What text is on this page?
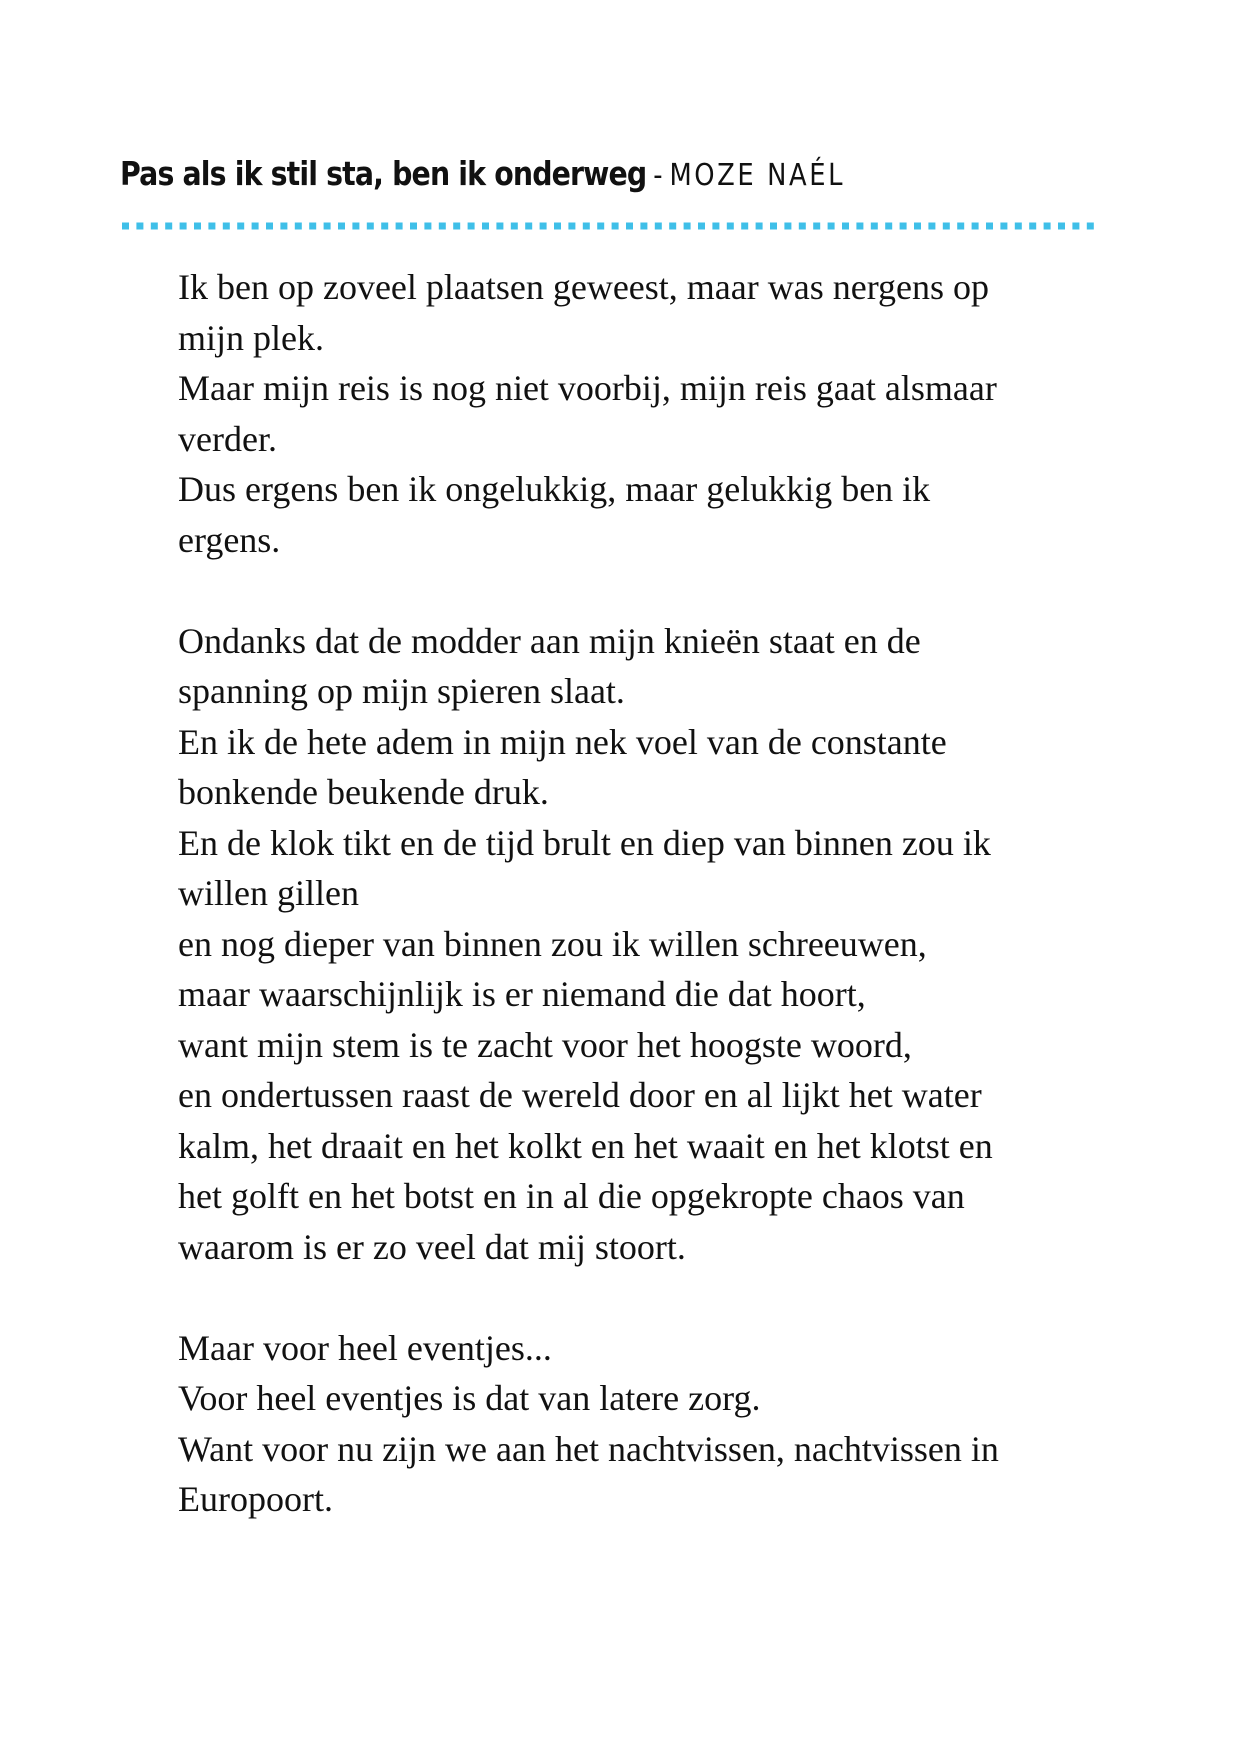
Pas als ik stil sta, ben ik onderweg - MOZE NAÉL
Ik ben op zoveel plaatsen geweest, maar was nergens op
mijn plek.
Maar mijn reis is nog niet voorbij, mijn reis gaat alsmaar
verder.
Dus ergens ben ik ongelukkig, maar gelukkig ben ik
ergens.
Ondanks dat de modder aan mijn knieën staat en de
spanning op mijn spieren slaat.
En ik de hete adem in mijn nek voel van de constante
bonkende beukende druk.
En de klok tikt en de tijd brult en diep van binnen zou ik
willen gillen
en nog dieper van binnen zou ik willen schreeuwen,
maar waarschijnlijk is er niemand die dat hoort,
want mijn stem is te zacht voor het hoogste woord,
en ondertussen raast de wereld door en al lijkt het water
kalm, het draait en het kolkt en het waait en het klotst en
het golft en het botst en in al die opgekropte chaos van
waarom is er zo veel dat mij stoort.
Maar voor heel eventjes...
Voor heel eventjes is dat van latere zorg.
Want voor nu zijn we aan het nachtvissen, nachtvissen in
Europoort.
